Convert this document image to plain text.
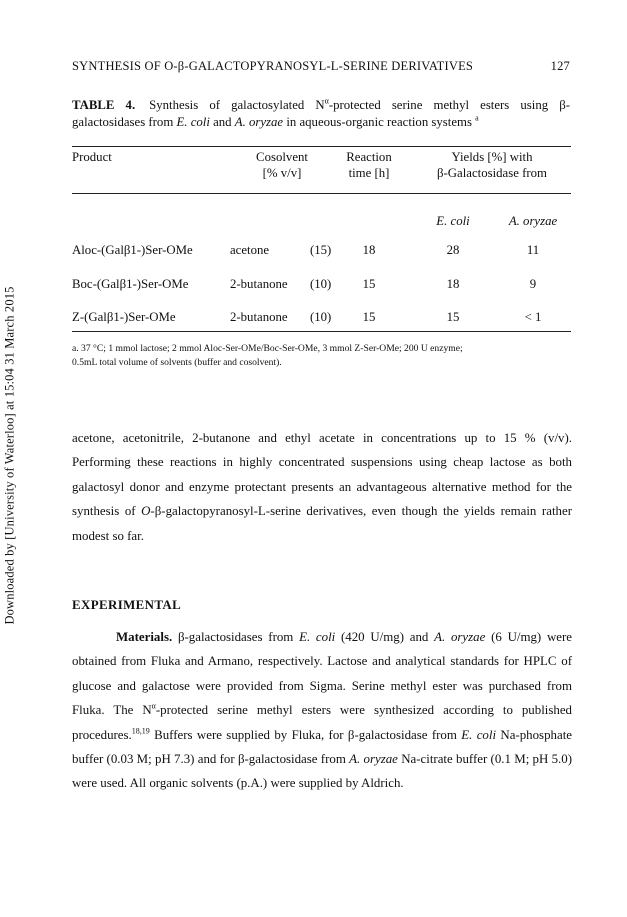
Downloaded by [University of Waterloo] at 15:04 31 March 2015
SYNTHESIS OF O-β-GALACTOPYRANOSYL-L-SERINE DERIVATIVES	127
TABLE 4. Synthesis of galactosylated $N^\alpha$-protected serine methyl esters using β-galactosidases from E. coli and A. oryzae in aqueous-organic reaction systems $^a$
Product	Cosolvent
[% v/v]
Reaction
time [h]
Yields [%] with
β-Galactosidase from
E. coli	A. oryzae
Aloc-(Galβ1-)Ser-OMe	acetone	(15)	18	28	11
Boc-(Galβ1-)Ser-OMe	2-butanone (10)	15	18	9
Z-(Galβ1-)Ser-OMe	2-butanone (10)	15	15	< 1
a. 37 °C; 1 mmol lactose; 2 mmol Aloc-Ser-OMe/Boc-Ser-OMe, 3 mmol Z-Ser-OMe; 200 U enzyme;
0.5mL total volume of solvents (buffer and cosolvent).
acetone, acetonitrile, 2-butanone and ethyl acetate in concentrations up to 15 % (v/v). Performing these reactions in highly concentrated suspensions using cheap lactose as both galactosyl donor and enzyme protectant presents an advantageous alternative method for the synthesis of O-β-galactopyranosyl-L-serine derivatives, even though the yields remain rather modest so far.
EXPERIMENTAL
Materials. β-galactosidases from E. coli (420 U/mg) and A. oryzae (6 U/mg) were obtained from Fluka and Armano, respectively. Lactose and analytical standards for HPLC of glucose and galactose were provided from Sigma. Serine methyl ester was purchased from Fluka. The $N^\alpha$-protected serine methyl esters were synthesized according to published procedures.$^{18,19}$ Buffers were supplied by Fluka, for β-galactosidase from E. coli Na-phosphate buffer (0.03 M; pH 7.3) and for β-galactosidase from A. oryzae Na-citrate buffer (0.1 M; pH 5.0) were used. All organic solvents (p.A.) were supplied by Aldrich.
